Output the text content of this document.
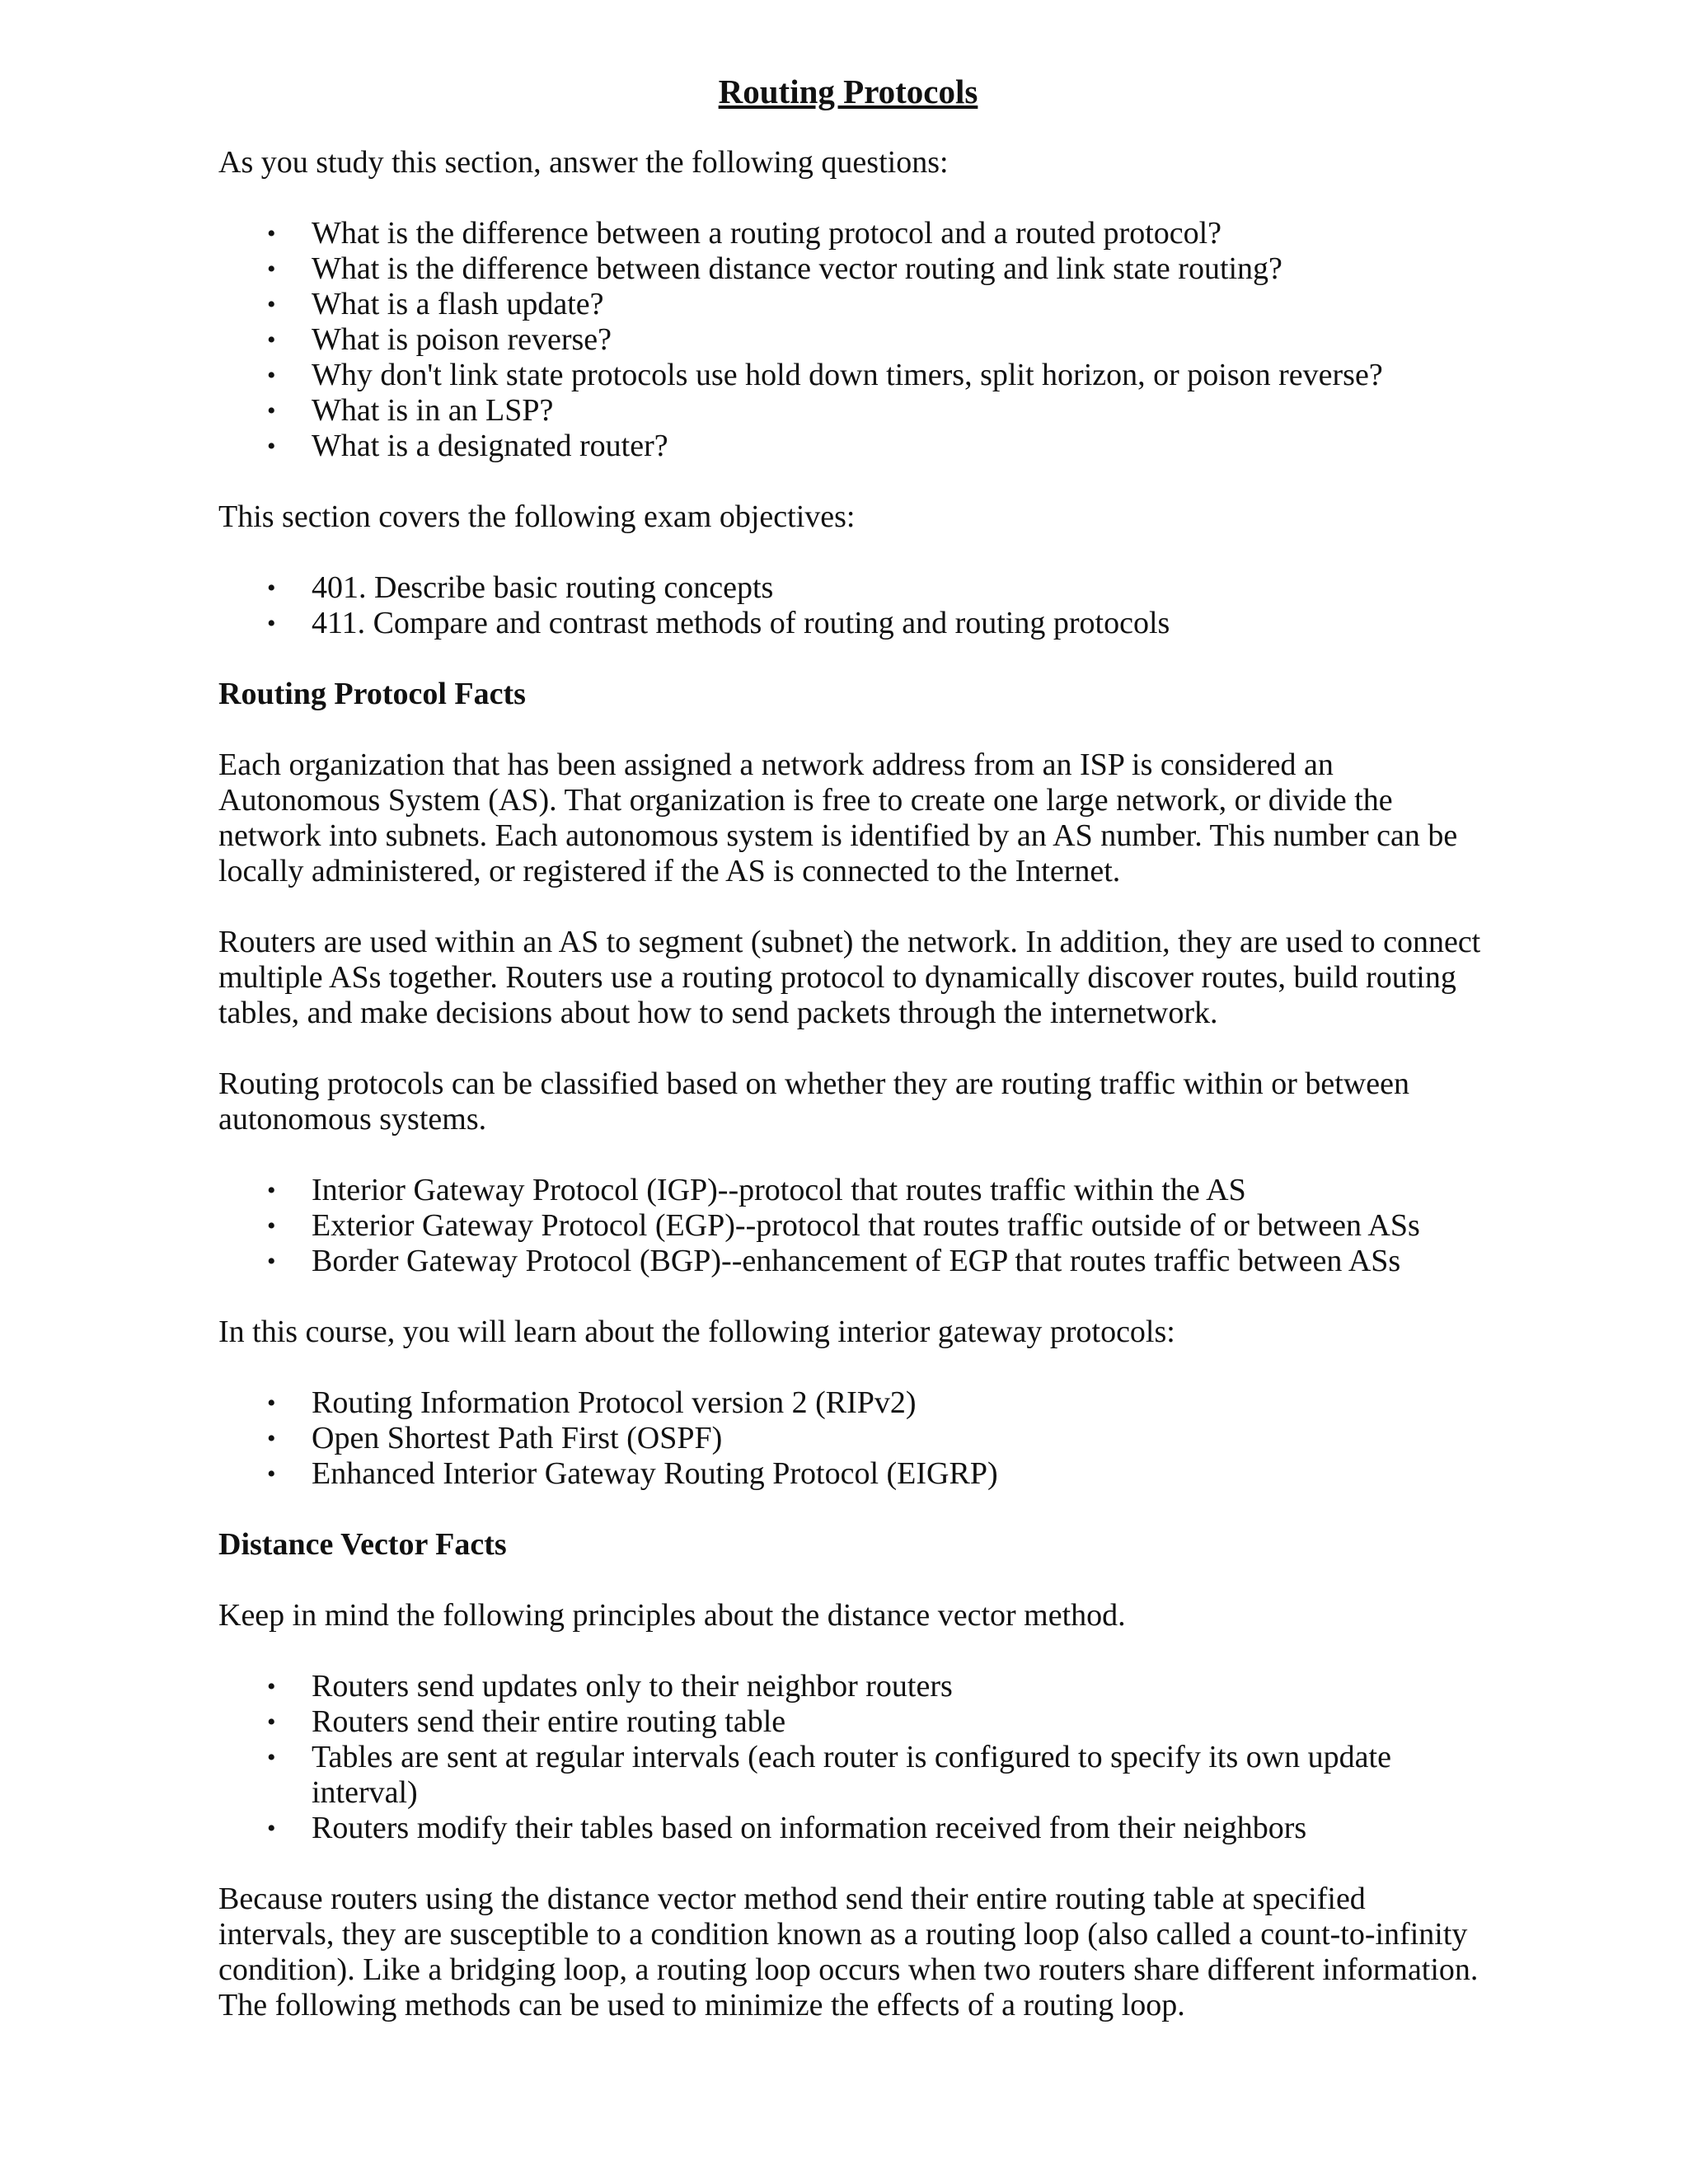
Routing Protocols

As you study this section, answer the following questions:

• What is the difference between a routing protocol and a routed protocol?
• What is the difference between distance vector routing and link state routing?
• What is a flash update?
• What is poison reverse?
• Why don't link state protocols use hold down timers, split horizon, or poison reverse?
• What is in an LSP?
• What is a designated router?

This section covers the following exam objectives:

• 401. Describe basic routing concepts
• 411. Compare and contrast methods of routing and routing protocols
Routing Protocol Facts

Each organization that has been assigned a network address from an ISP is considered an Autonomous System (AS). That organization is free to create one large network, or divide the network into subnets. Each autonomous system is identified by an AS number. This number can be locally administered, or registered if the AS is connected to the Internet.

Routers are used within an AS to segment (subnet) the network. In addition, they are used to connect multiple ASs together. Routers use a routing protocol to dynamically discover routes, build routing tables, and make decisions about how to send packets through the internetwork.

Routing protocols can be classified based on whether they are routing traffic within or between autonomous systems.

• Interior Gateway Protocol (IGP)--protocol that routes traffic within the AS
• Exterior Gateway Protocol (EGP)--protocol that routes traffic outside of or between ASs
• Border Gateway Protocol (BGP)--enhancement of EGP that routes traffic between ASs

In this course, you will learn about the following interior gateway protocols:

• Routing Information Protocol version 2 (RIPv2)
• Open Shortest Path First (OSPF)
• Enhanced Interior Gateway Routing Protocol (EIGRP)
Distance Vector Facts

Keep in mind the following principles about the distance vector method.

• Routers send updates only to their neighbor routers
• Routers send their entire routing table
• Tables are sent at regular intervals (each router is configured to specify its own update interval)
• Routers modify their tables based on information received from their neighbors

Because routers using the distance vector method send their entire routing table at specified intervals, they are susceptible to a condition known as a routing loop (also called a count-to-infinity condition). Like a bridging loop, a routing loop occurs when two routers share different information. The following methods can be used to minimize the effects of a routing loop.
